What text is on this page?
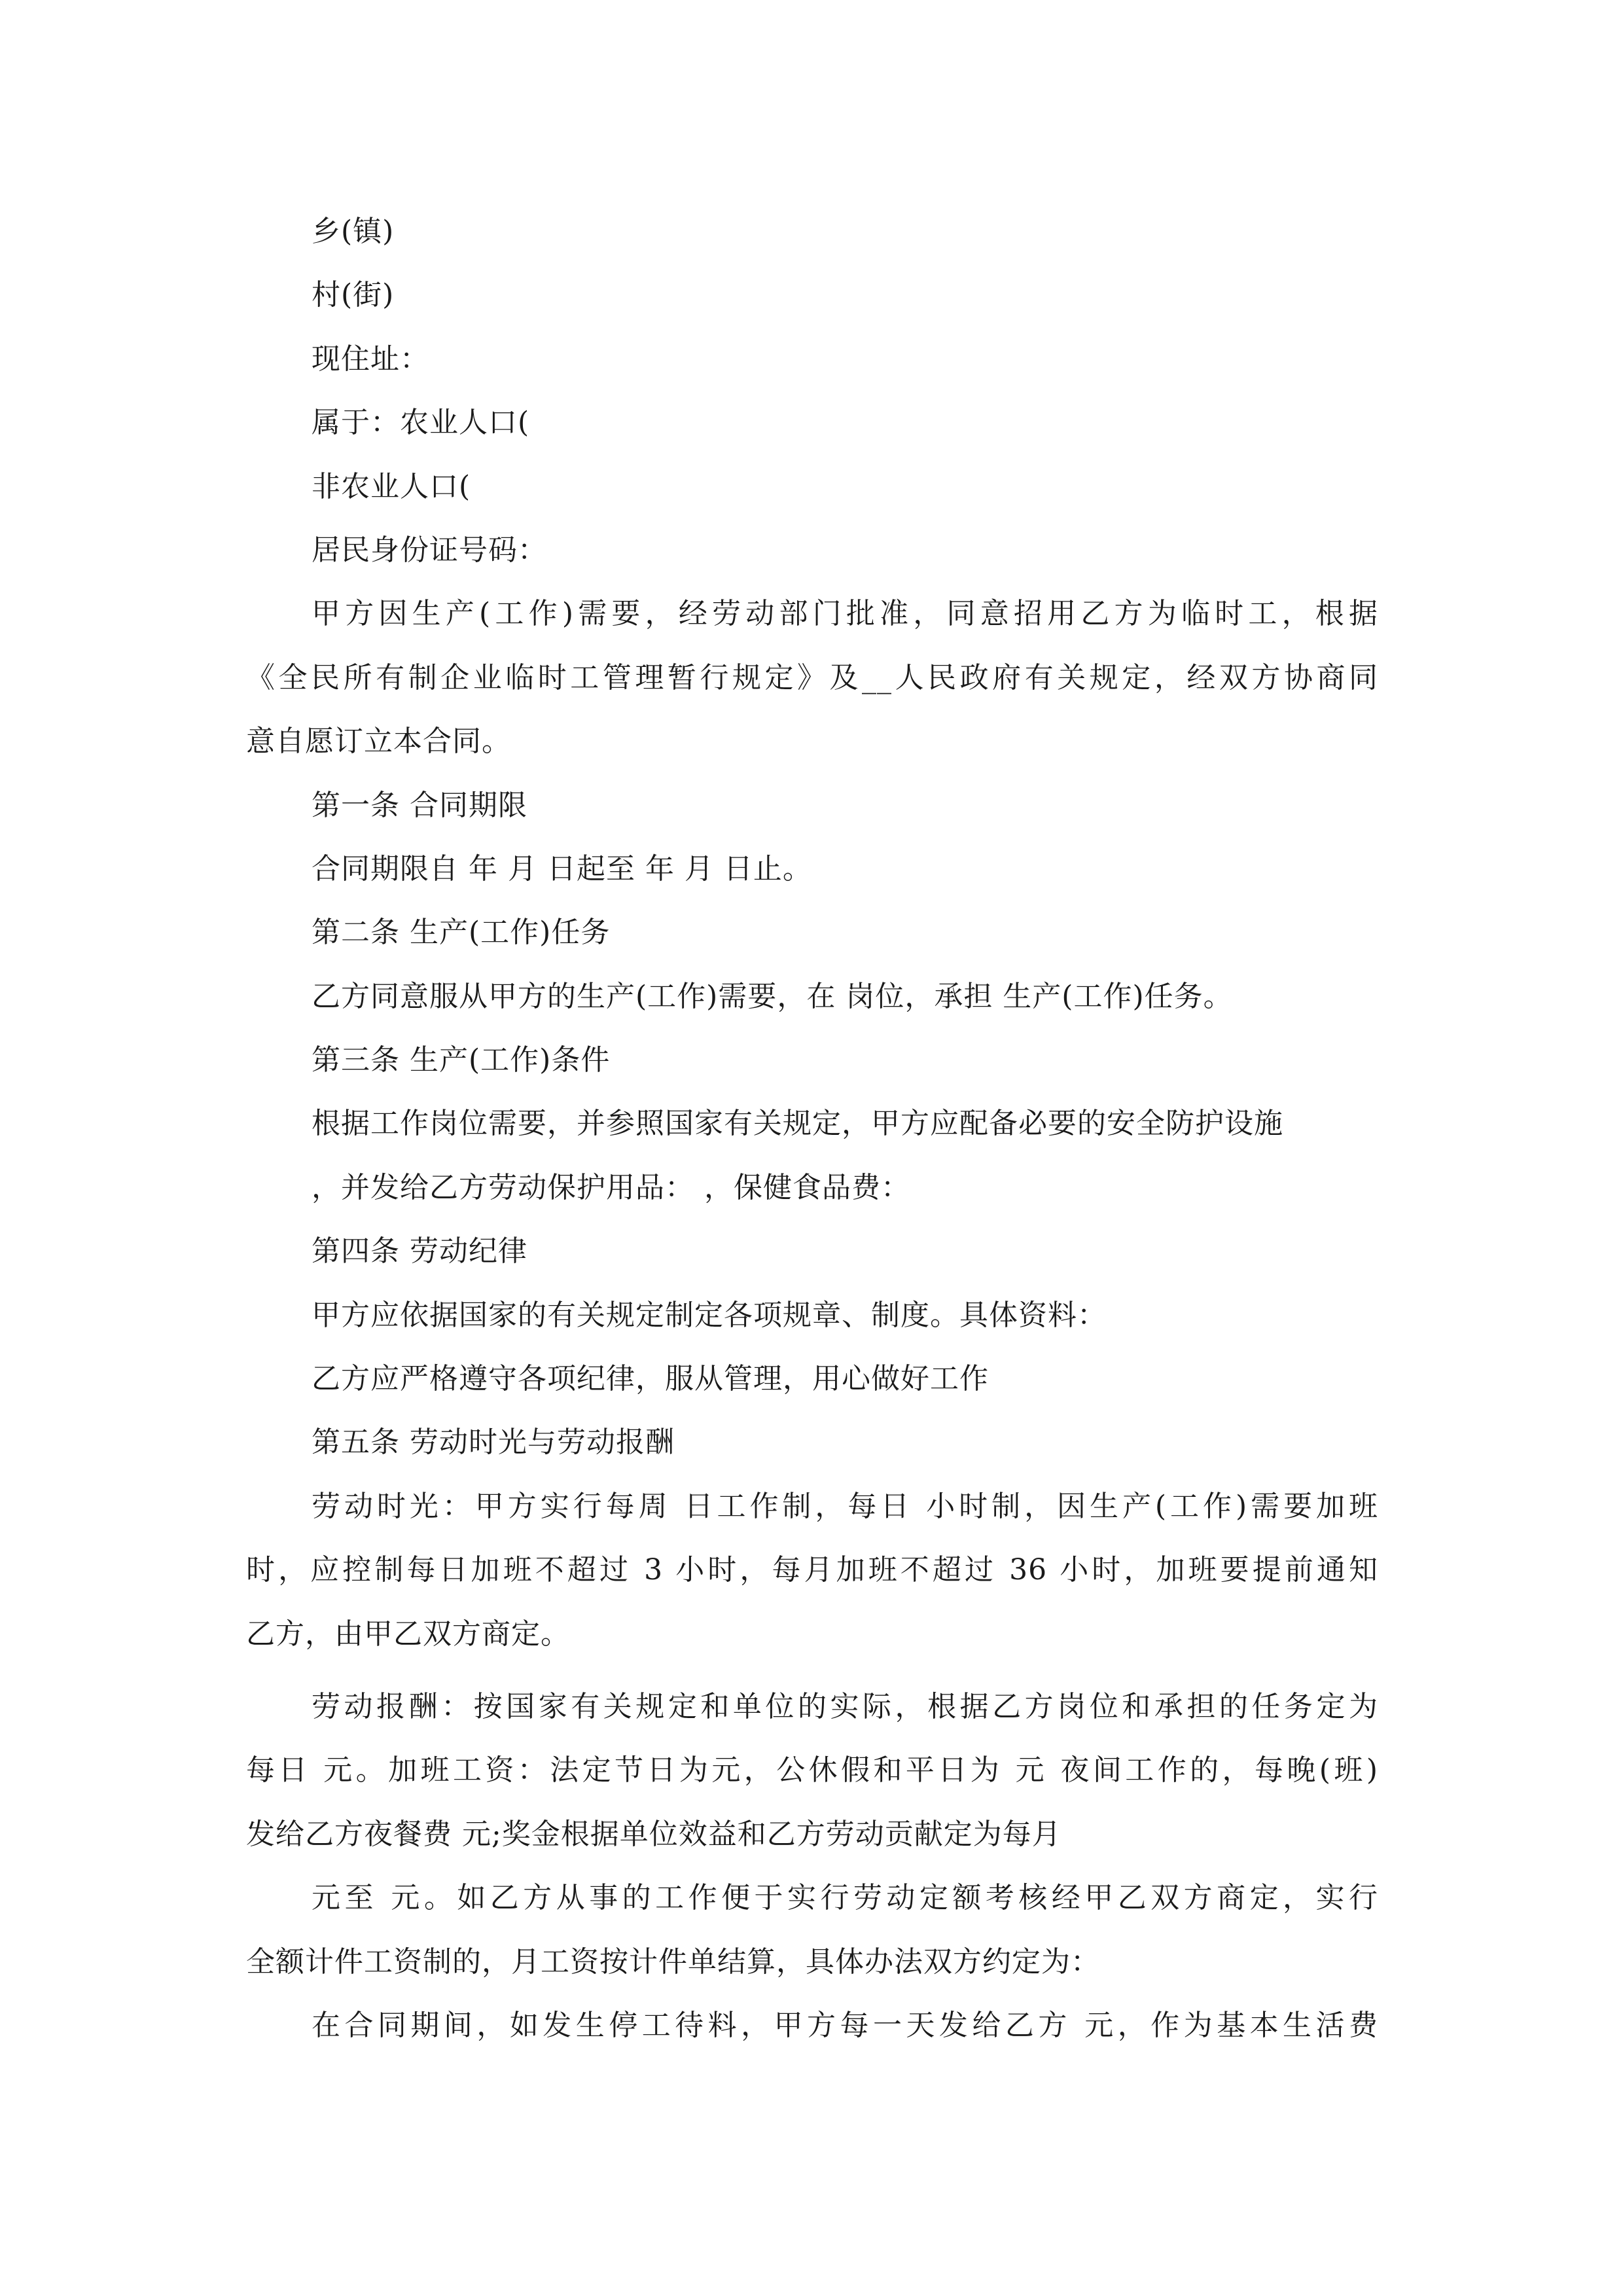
乡(镇)
村(街)
现住址：
属于：农业人口(
非农业人口(
居民身份证号码：
甲方因生产(工作)需要，经劳动部门批准，同意招用乙方为临时工，根据
《全民所有制企业临时工管理暂行规定》及__人民政府有关规定，经双方协商同
意自愿订立本合同。
第一条 合同期限
合同期限自 年 月 日起至 年 月 日止。
第二条 生产(工作)任务
乙方同意服从甲方的生产(工作)需要，在 岗位，承担 生产(工作)任务。
第三条 生产(工作)条件
根据工作岗位需要，并参照国家有关规定，甲方应配备必要的安全防护设施
，并发给乙方劳动保护用品： ，保健食品费：
第四条 劳动纪律
甲方应依据国家的有关规定制定各项规章、制度。具体资料：
乙方应严格遵守各项纪律，服从管理，用心做好工作
第五条 劳动时光与劳动报酬
劳动时光：甲方实行每周 日工作制，每日 小时制，因生产(工作)需要加班
时，应控制每日加班不超过 3 小时，每月加班不超过 36 小时，加班要提前通知
乙方，由甲乙双方商定。
劳动报酬：按国家有关规定和单位的实际，根据乙方岗位和承担的任务定为
每日 元。加班工资：法定节日为元，公休假和平日为 元 夜间工作的，每晚(班)
发给乙方夜餐费 元;奖金根据单位效益和乙方劳动贡献定为每月
元至 元。如乙方从事的工作便于实行劳动定额考核经甲乙双方商定，实行
全额计件工资制的，月工资按计件单结算，具体办法双方约定为：
在合同期间，如发生停工待料，甲方每一天发给乙方 元，作为基本生活费
